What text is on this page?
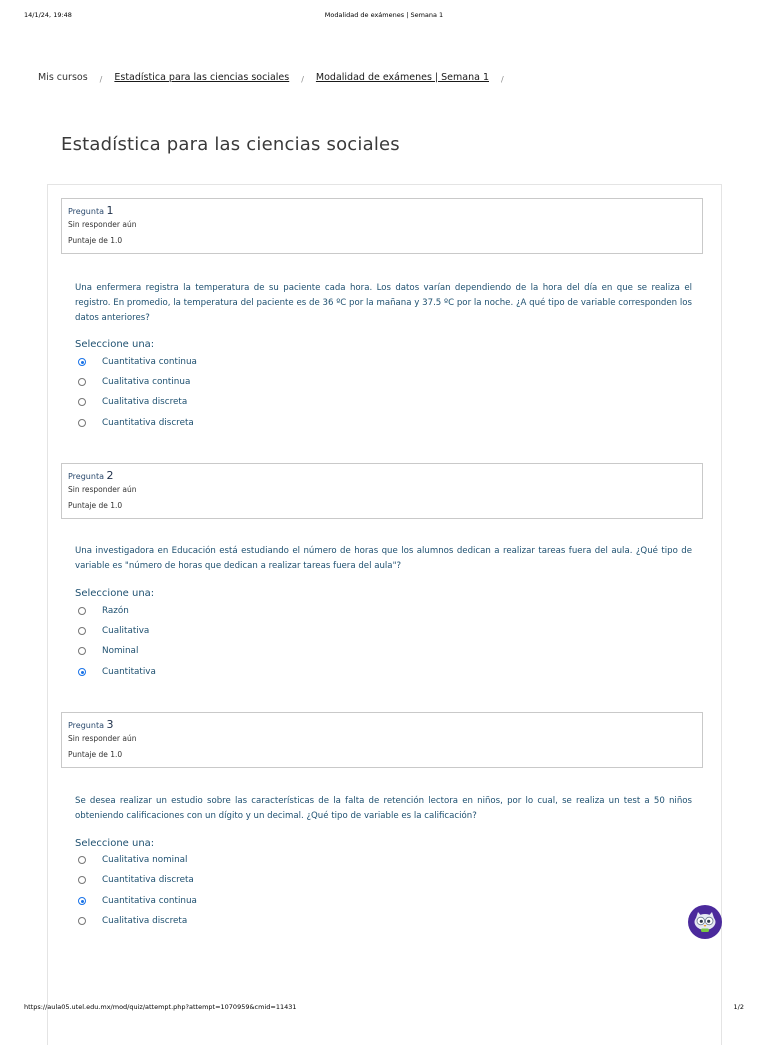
14/1/24, 19:48	Modalidad de exámenes | Semana 1
Mis cursos / Estadística para las ciencias sociales / Modalidad de exámenes | Semana 1 /
Estadística para las ciencias sociales
Pregunta 1
Sin responder aún
Puntaje de 1.0
Una enfermera registra la temperatura de su paciente cada hora. Los datos varían dependiendo de la hora del día en que se realiza el registro. En promedio, la temperatura del paciente es de 36 ºC por la mañana y 37.5 ºC por la noche. ¿A qué tipo de variable corresponden los datos anteriores?
Seleccione una:
Cuantitativa continua
Cualitativa continua
Cualitativa discreta
Cuantitativa discreta
Pregunta 2
Sin responder aún
Puntaje de 1.0
Una investigadora en Educación está estudiando el número de horas que los alumnos dedican a realizar tareas fuera del aula. ¿Qué tipo de variable es "número de horas que dedican a realizar tareas fuera del aula"?
Seleccione una:
Razón
Cualitativa
Nominal
Cuantitativa
Pregunta 3
Sin responder aún
Puntaje de 1.0
Se desea realizar un estudio sobre las características de la falta de retención lectora en niños, por lo cual, se realiza un test a 50 niños obteniendo calificaciones con un dígito y un decimal. ¿Qué tipo de variable es la calificación?
Seleccione una:
Cualitativa nominal
Cuantitativa discreta
Cuantitativa continua
Cualitativa discreta
https://aula05.utel.edu.mx/mod/quiz/attempt.php?attempt=1070959&cmid=11431	1/2
